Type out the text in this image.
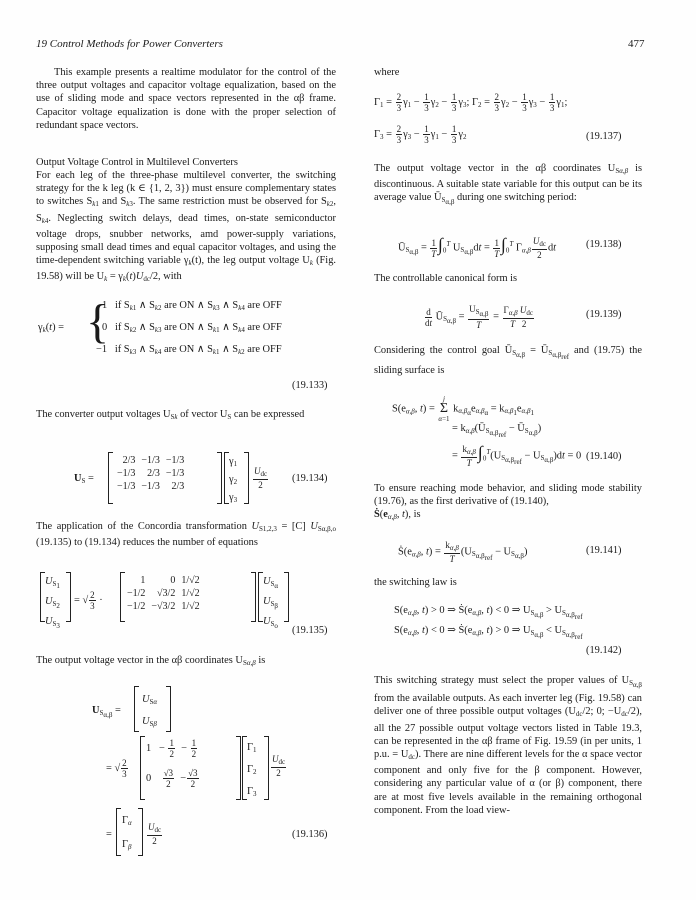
19 Control Methods for Power Converters	477

This example presents a realtime modulator for the control of the three output voltages and capacitor voltage equalization, based on the use of sliding mode and space vectors represented in the αβ frame. Capacitor voltage equalization is done with the proper selection of redundant space vectors.

Output Voltage Control in Multilevel Converters

For each leg of the three-phase multilevel converter, the switching strategy for the k leg (k ∈ {1, 2, 3}) must ensure complementary states to switches $S_{k1}$ and $S_{k3}$. The same restriction must be observed for $S_{k2}$, $S_{k4}$. Neglecting switch delays, dead times, on-state semiconductor voltage drops, snubber networks, amd power-supply variations, supposing small dead times and equal capacitor voltages, and using the time-dependent switching variable $\gamma_k(t)$, the leg output voltage $U_k$ (Fig. 19.58) will be $U_k = \gamma_k(t)U_{dc}/2$, with

$\gamma_k(t)$ = {
1   if $S_{k1}$ ∧ $S_{k2}$ are ON ∧ $S_{k3}$ ∧ $S_{k4}$ are OFF
0   if $S_{k2}$ ∧ $S_{k3}$ are ON ∧ $S_{k1}$ ∧ $S_{k4}$ are OFF
−1   if $S_{k3}$ ∧ $S_{k4}$ are ON ∧ $S_{k1}$ ∧ $S_{k2}$ are OFF
(19.133)

The converter output voltages $U_{Sk}$ of vector $U_S$ can be expressed

$U_S$ =
2/3	−1/3	−1/3
−1/3	2/3	−1/3
−1/3	−1/3	2/3
$\gamma_1$
$\gamma_2$
$\gamma_3$
$\frac{U_{dc}}{2} (19.134)$

The application of the Concordia transformation $U_{S1,2,3} = [C]$ $U_{S\alpha,\beta,o}$ (19.135) to (19.134) reduces the number of equations

$U_{S_1}$
$U_{S_2}$
$U_{S_3}$
= √ $\frac{2}{3}$ ·
1	0	1/√2
−1/2	√3/2	1/√2
−1/2	−√3/2	1/√2
$U_{S_\alpha}$
$U_{S_\beta}$
$U_{S_o}$ (19.135)

The output voltage vector in the αβ coordinates $U_{S\alpha,\beta}$ is

$U_{S_{\alpha,\beta}}$ =
$U_{S\alpha}$
$U_{S\beta}$
= √ $\frac{2}{3}$
$1 - \frac{1}{2} - \frac{1}{2}$
$0 \frac{√3}{2} - \frac{√3}{2}$
$\Gamma_1$
$\Gamma_2$
$\Gamma_3$
$\frac{U_{dc}}{2}$
=
$\Gamma_\alpha$
$\Gamma_\beta$
$\frac{U_{dc}}{2}$	(19.136)

where

$\Gamma_1 = \frac{2}{3} \gamma_1 - \frac{1}{3} \gamma_2 - \frac{1}{3} \gamma_3$; $\Gamma_2 = \frac{2}{3} \gamma_2 - \frac{1}{3} \gamma_3 - \frac{1}{3} \gamma_1$;
$\Gamma_3 = \frac{2}{3} \gamma_3 - \frac{1}{3} \gamma_1 - \frac{1}{3} \gamma_2$	(19.137)

The output voltage vector in the αβ coordinates $U_{S\alpha,\beta}$ is discontinuous. A suitable state variable for this output can be its average value $Ū_{S_{\alpha,\beta}}$ during one switching period:

$Ū_{S_{\alpha,\beta}} = \frac{1}{T} \int_0^T$ $U_{S_{\alpha,\beta}}dt = \frac{1}{T} \int_0^T$ $\Gamma_{\alpha,\beta} \frac{U_{dc}}{2}$ dt	(19.138)

The controllable canonical form is

$\frac{d}{dt}$ $Ū_{S_{\alpha,\beta}} = \frac{U_{S_{\alpha,\beta}}}{T} = \frac{\Gamma_{\alpha,\beta} U_{dc}}{T 2}$	(19.139)

Considering the control goal $Ū_{S_{\alpha,\beta}}$ = $Ū_{S_{\alpha,\beta_{ref}}}$ and (19.75) the sliding surface is

$S(e_{\alpha,\beta}$, t) =
j
Σ
α=1
$k_{\alpha,\beta_\alpha}e_{\alpha,\beta_\alpha} = k_{\alpha,\beta_1}e_{\alpha,\beta_1}$
= $k_{\alpha,\beta}(Ū_{S_{\alpha,\beta_{ref}}}$ − $Ū_{S_{\alpha,\beta}}$)
= $\frac{k_{\alpha,\beta}}{T} \int_0^T(U_{S_{\alpha,\beta_{ref}}} - U_{S_{\alpha,\beta}})dt = 0$ (19.140)

To ensure reaching mode behavior, and sliding mode stability (19.76), as the first derivative of (19.140),
$Ṡ(e_{\alpha,\beta}$, t), is

$Ṡ(e_{\alpha,\beta}$, $t) = \frac{k_{\alpha,\beta}}{T} (U_{S_{\alpha,\beta_{ref}}} - U_{S_{\alpha,\beta}})$	(19.141)

the switching law is

$S(e_{\alpha,\beta}$, t) > 0 ⇒ $Ṡ(e_{\alpha,\beta}$, t) < 0 ⇒ $U_{S_{\alpha,\beta}} > U_{S_{\alpha,\beta_{ref}}}$
$S(e_{\alpha,\beta}$, t) < 0 ⇒ $Ṡ(e_{\alpha,\beta}$, t) > 0 ⇒ $U_{S_{\alpha,\beta}} < U_{S_{\alpha,\beta_{ref}}}$
(19.142)

This switching strategy must select the proper values of $U_{S_{\alpha,\beta}}$ from the available outputs. As each inverter leg (Fig. 19.58) can deliver one of three possible output voltages ($U_{dc}/2$; 0; $-U_{dc}/2$), all the 27 possible output voltage vectors listed in Table 19.3, can be represented in the αβ frame of Fig. 19.59 (in per units, 1 p.u. = $U_{dc}$). There are nine different levels for the α space vector component and only five for the β component. However, considering any particular value of α (or β) component, there are at most five levels available in the remaining orthogonal component. From the load view-
